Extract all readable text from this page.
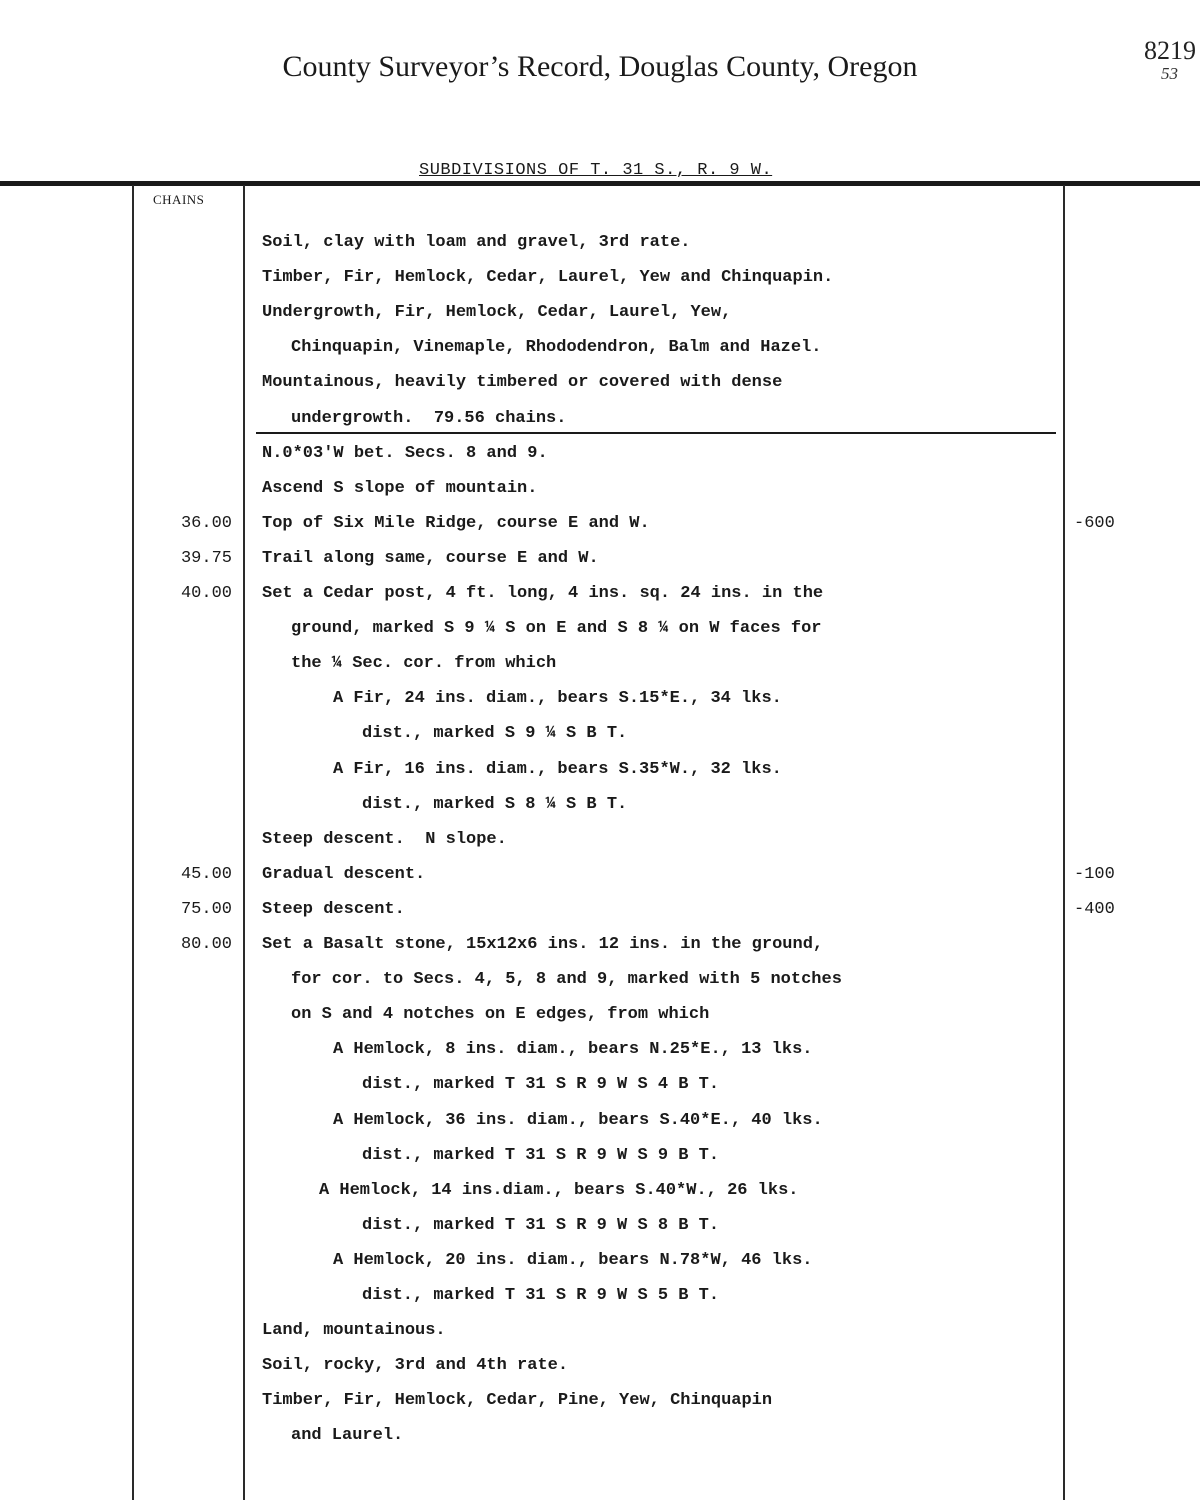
County Surveyor’s Record, Douglas County, Oregon	8219
53
SUBDIVISIONS OF T. 31 S., R. 9 W.
CHAINS
Soil, clay with loam and gravel, 3rd rate.
Timber, Fir, Hemlock, Cedar, Laurel, Yew and Chinquapin.
Undergrowth, Fir, Hemlock, Cedar, Laurel, Yew,
Chinquapin, Vinemaple, Rhododendron, Balm and Hazel.
Mountainous, heavily timbered or covered with dense
undergrowth.  79.56 chains.
N.0*03'W bet. Secs. 8 and 9.
Ascend S slope of mountain.
36.00 Top of Six Mile Ridge, course E and W.	-600
39.75 Trail along same, course E and W.
40.00 Set a Cedar post, 4 ft. long, 4 ins. sq. 24 ins. in the
ground, marked S 9 ¼ S on E and S 8 ¼ on W faces for
the ¼ Sec. cor. from which
A Fir, 24 ins. diam., bears S.15*E., 34 lks.
dist., marked S 9 ¼ S B T.
A Fir, 16 ins. diam., bears S.35*W., 32 lks.
dist., marked S 8 ¼ S B T.
Steep descent.  N slope.
45.00 Gradual descent.	-100
75.00 Steep descent.	-400
80.00 Set a Basalt stone, 15x12x6 ins. 12 ins. in the ground,
for cor. to Secs. 4, 5, 8 and 9, marked with 5 notches
on S and 4 notches on E edges, from which
A Hemlock, 8 ins. diam., bears N.25*E., 13 lks.
dist., marked T 31 S R 9 W S 4 B T.
A Hemlock, 36 ins. diam., bears S.40*E., 40 lks.
dist., marked T 31 S R 9 W S 9 B T.
A Hemlock, 14 ins.diam., bears S.40*W., 26 lks.
dist., marked T 31 S R 9 W S 8 B T.
A Hemlock, 20 ins. diam., bears N.78*W, 46 lks.
dist., marked T 31 S R 9 W S 5 B T.
Land, mountainous.
Soil, rocky, 3rd and 4th rate.
Timber, Fir, Hemlock, Cedar, Pine, Yew, Chinquapin
and Laurel.
